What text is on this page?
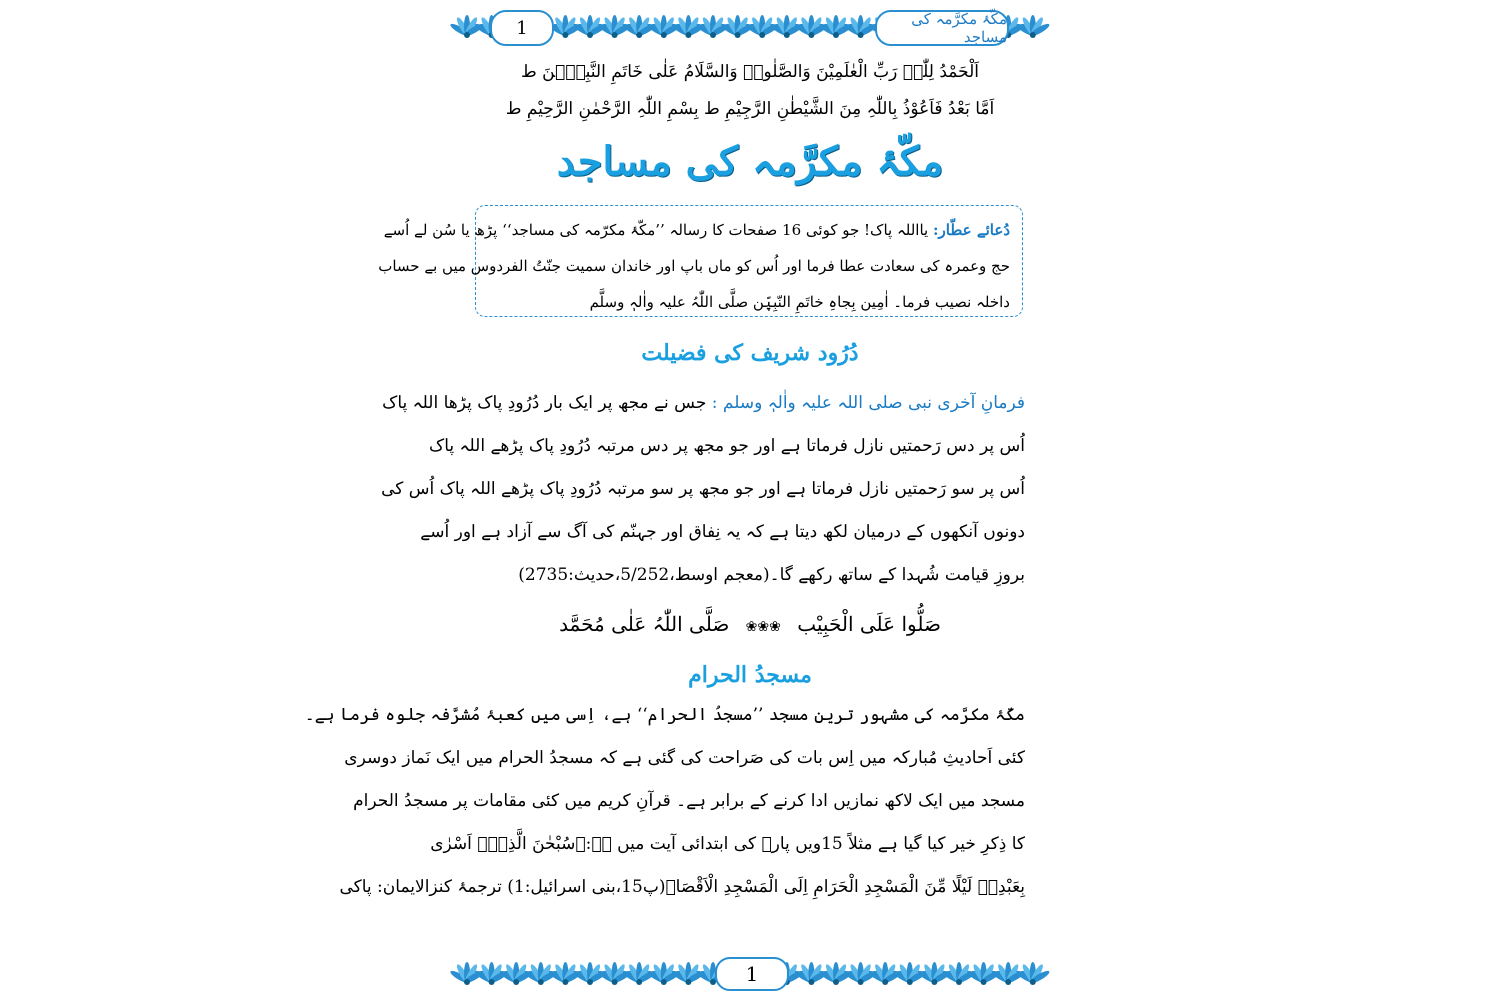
مکّۂ مکرَّمہ کی مساجد
1
اَلْحَمْدُ لِلّٰہِ رَبِّ الْعٰلَمِیْنَ وَالصَّلٰوۃُ وَالسَّلَامُ عَلٰی خَاتَمِ النَّبِیّٖنَ ط
اَمَّا بَعْدُ فَاَعُوْذُ بِاللّٰہِ مِنَ الشَّیْطٰنِ الرَّجِیْمِ ط بِسْمِ اللّٰہِ الرَّحْمٰنِ الرَّحِیْمِ ط
مکّۂ مکرَّمہ کی مساجد
دُعائے عطّار: یااللہ پاک! جو کوئی 16 صفحات کا رسالہ ’’مکّۂ مکرّمہ کی مساجد‘‘ پڑھ یا سُن لے اُسے
حج وعمرہ کی سعادت عطا فرما اور اُس کو ماں باپ اور خاندان سمیت جنّتُ الفردوس میں بے حساب
داخلہ نصیب فرما۔ اٰمِین بِجاہِ خاتَمِ النّبِیّٖن صلَّی اللّٰہُ علیہ واٰلہٖ وسلَّم
دُرُود شریف کی فضیلت
فرمانِ آخری نبی صلی اللہ علیہ واٰلہٖ وسلم : جس نے مجھ پر ایک بار دُرُودِ پاک پڑھا اللہ پاک
اُس پر دس رَحمتیں نازل فرماتا ہے اور جو مجھ پر دس مرتبہ دُرُودِ پاک پڑھے اللہ پاک
اُس پر سو رَحمتیں نازل فرماتا ہے اور جو مجھ پر سو مرتبہ دُرُودِ پاک پڑھے اللہ پاک اُس کی
دونوں آنکھوں کے درمیان لکھ دیتا ہے کہ یہ نِفاق اور جہنّم کی آگ سے آزاد ہے اور اُسے
بروزِ قیامت شُہدا کے ساتھ رکھے گا۔(معجم اوسط،5/252،حدیث:2735)
صَلُّوا عَلَی الْحَبِیْب ❀❀❀ صَلَّی اللّٰہُ عَلٰی مُحَمَّد
مسجدُ الحرام
مکّۂ مکرَّمہ کی مشہور ترین مسجد ’’مسجدُ الحرام‘‘ ہے، اِسی میں کعبۂ مُشرَّفہ جلوہ فرما ہے۔
کئی اَحادیثِ مُبارکہ میں اِس بات کی صَراحت کی گئی ہے کہ مسجدُ الحرام میں ایک نَماز دوسری
مسجد میں ایک لاکھ نمازیں ادا کرنے کے برابر ہے۔ قرآنِ کریم میں کئی مقامات پر مسجدُ الحرام
کا ذِکرِ خیر کیا گیا ہے مثلاً 15ویں پارے کی ابتدائی آیت میں ہے:﴿سُبْحٰنَ الَّذِیْۤ اَسْرٰی
بِعَبْدِهٖ لَیْلًا مِّنَ الْمَسْجِدِ الْحَرَامِ اِلَى الْمَسْجِدِ الْاَقْصَا﴾(پ15،بنی اسرائیل:1) ترجمۂ کنزالایمان: پاکی
1
